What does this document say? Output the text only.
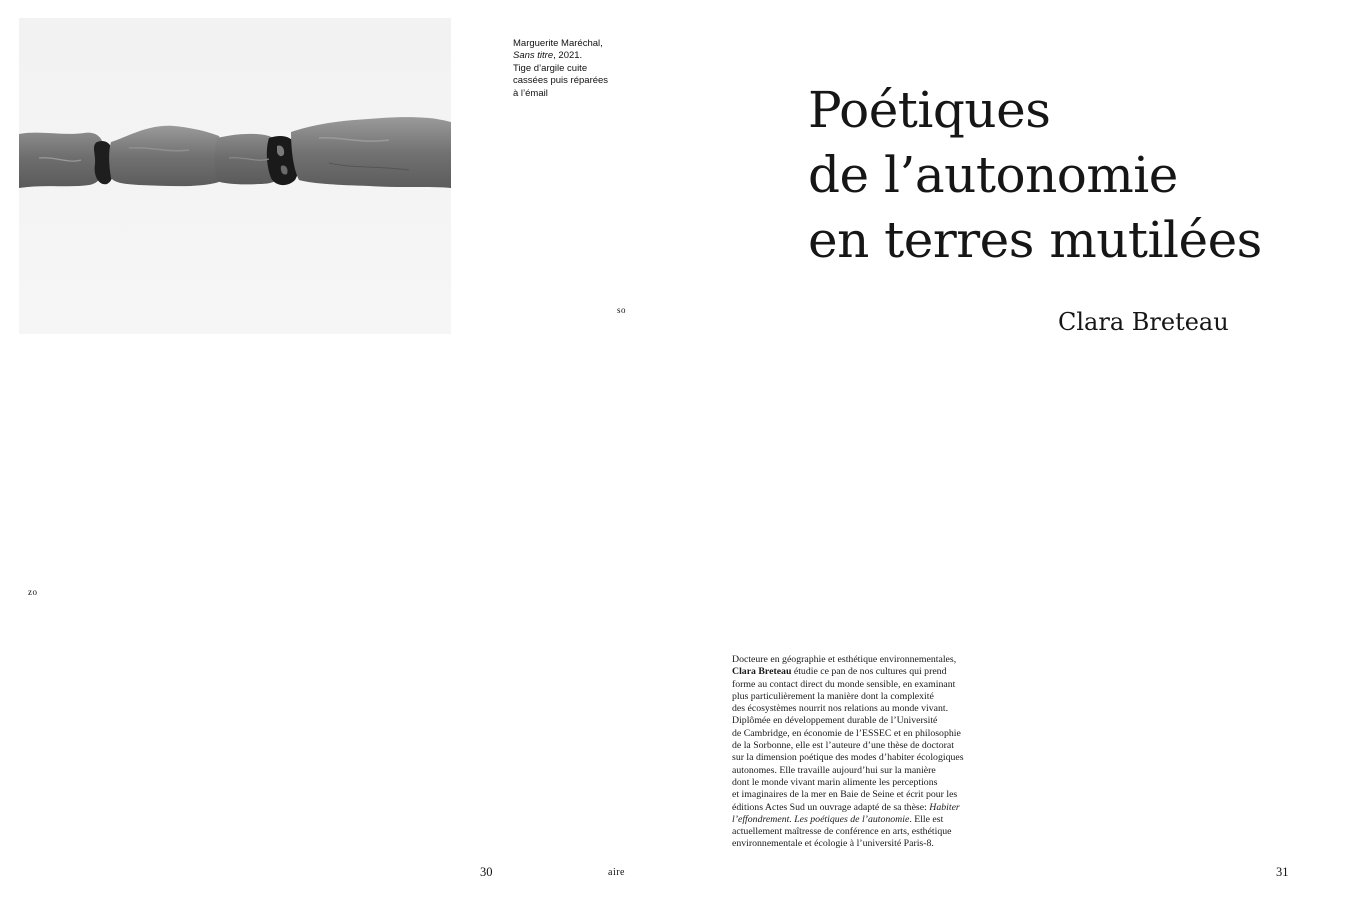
Marguerite Maréchal,
Sans titre, 2021.
Tige d’argile cuite
cassées puis réparées
à l’émail
so
zo
aire
30	31
Poétiques
de l’autonomie
en terres mutilées
Clara Breteau
Docteure en géographie et esthétique environnementales,
Clara Breteau étudie ce pan de nos cultures qui prend
forme au contact direct du monde sensible, en examinant
plus particulièrement la manière dont la complexité
des écosystèmes nourrit nos relations au monde vivant.
Diplômée en développement durable de l’Université
de Cambridge, en économie de l’ESSEC et en philosophie
de la Sorbonne, elle est l’auteure d’une thèse de doctorat
sur la dimension poétique des modes d’habiter écologiques
autonomes. Elle travaille aujourd’hui sur la manière
dont le monde vivant marin alimente les perceptions
et imaginaires de la mer en Baie de Seine et écrit pour les
éditions Actes Sud un ouvrage adapté de sa thèse: Habiter
l’effondrement. Les poétiques de l’autonomie. Elle est
actuellement maîtresse de conférence en arts, esthétique
environnementale et écologie à l’université Paris-8.
